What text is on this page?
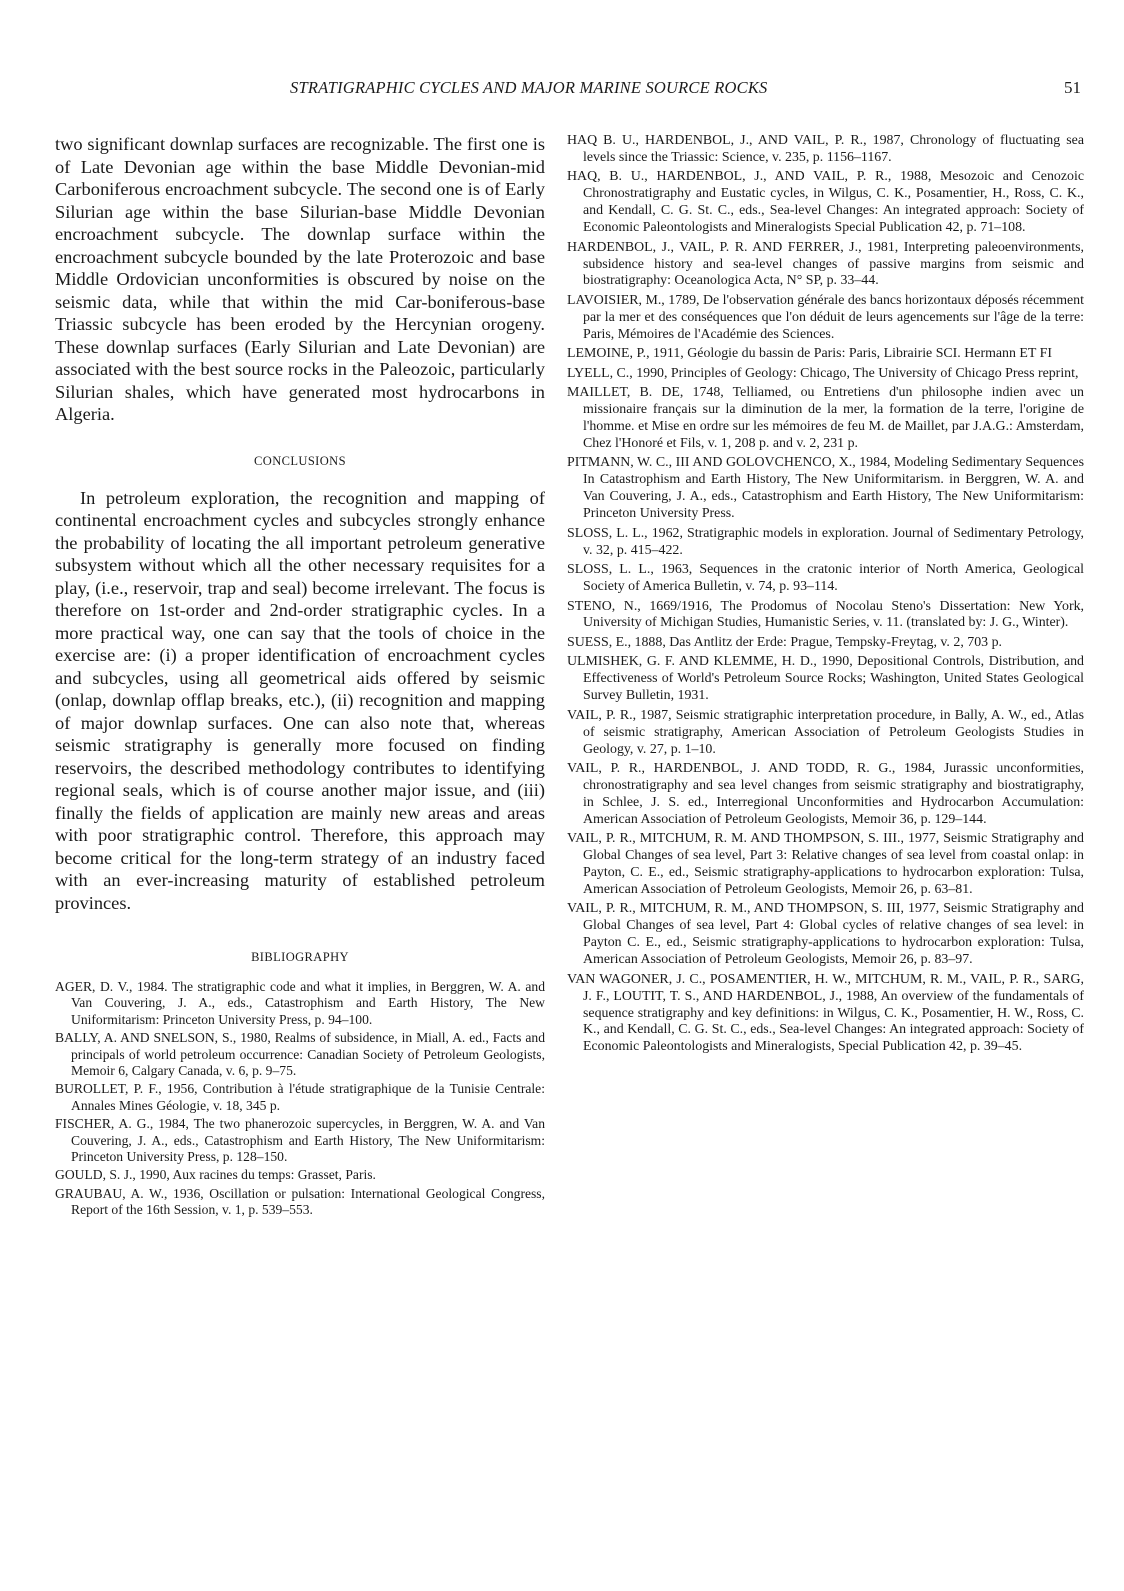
STRATIGRAPHIC CYCLES AND MAJOR MARINE SOURCE ROCKS	51

two significant downlap surfaces are recognizable. The first one is of Late Devonian age within the base Middle Devonian-mid Carboniferous encroachment subcycle. The second one is of Early Silurian age within the base Silurian-base Middle Devonian encroachment subcycle. The downlap surface within the encroachment subcycle bounded by the late Proterozoic and base Middle Ordovician unconformities is obscured by noise on the seismic data, while that within the mid Car-boniferous-base Triassic subcycle has been eroded by the Hercynian orogeny. These downlap surfaces (Early Silurian and Late Devonian) are associated with the best source rocks in the Paleozoic, particularly Silurian shales, which have generated most hydrocarbons in Algeria.

CONCLUSIONS

In petroleum exploration, the recognition and mapping of continental encroachment cycles and subcycles strongly enhance the probability of locating the all important petroleum generative subsystem without which all the other necessary requisites for a play, (i.e., reservoir, trap and seal) become irrelevant. The focus is therefore on 1st-order and 2nd-order stratigraphic cycles. In a more practical way, one can say that the tools of choice in the exercise are: (i) a proper identification of encroachment cycles and subcycles, using all geometrical aids offered by seismic (onlap, downlap offlap breaks, etc.), (ii) recognition and mapping of major downlap surfaces. One can also note that, whereas seismic stratigraphy is generally more focused on finding reservoirs, the described methodology contributes to identifying regional seals, which is of course another major issue, and (iii) finally the fields of application are mainly new areas and areas with poor stratigraphic control. Therefore, this approach may become critical for the long-term strategy of an industry faced with an ever-increasing maturity of established petroleum provinces.

BIBLIOGRAPHY

AGER, D. V., 1984. The stratigraphic code and what it implies, in Berggren, W. A. and Van Couvering, J. A., eds., Catastrophism and Earth History, The New Uniformitarism: Princeton University Press, p. 94–100.

BALLY, A. AND SNELSON, S., 1980, Realms of subsidence, in Miall, A. ed., Facts and principals of world petroleum occurrence: Canadian Society of Petroleum Geologists, Memoir 6, Calgary Canada, v. 6, p. 9–75.

BUROLLET, P. F., 1956, Contribution à l'étude stratigraphique de la Tunisie Centrale: Annales Mines Géologie, v. 18, 345 p.

FISCHER, A. G., 1984, The two phanerozoic supercycles, in Berggren, W. A. and Van Couvering, J. A., eds., Catastrophism and Earth History, The New Uniformitarism: Princeton University Press, p. 128–150.

GOULD, S. J., 1990, Aux racines du temps: Grasset, Paris.

GRAUBAU, A. W., 1936, Oscillation or pulsation: International Geological Congress, Report of the 16th Session, v. 1, p. 539–553.

HAQ B. U., HARDENBOL, J., AND VAIL, P. R., 1987, Chronology of fluctuating sea levels since the Triassic: Science, v. 235, p. 1156–1167.

HAQ, B. U., HARDENBOL, J., AND VAIL, P. R., 1988, Mesozoic and Cenozoic Chronostratigraphy and Eustatic cycles, in Wilgus, C. K., Posamentier, H., Ross, C. K., and Kendall, C. G. St. C., eds., Sea-level Changes: An integrated approach: Society of Economic Paleontologists and Mineralogists Special Publication 42, p. 71–108.

HARDENBOL, J., VAIL, P. R. AND FERRER, J., 1981, Interpreting paleoenvironments, subsidence history and sea-level changes of passive margins from seismic and biostratigraphy: Oceanologica Acta, N° SP, p. 33–44.

LAVOISIER, M., 1789, De l'observation générale des bancs horizontaux déposés récemment par la mer et des conséquences que l'on déduit de leurs agencements sur l'âge de la terre: Paris, Mémoires de l'Académie des Sciences.

LEMOINE, P., 1911, Géologie du bassin de Paris: Paris, Librairie SCI. Hermann ET FI

LYELL, C., 1990, Principles of Geology: Chicago, The University of Chicago Press reprint,

MAILLET, B. DE, 1748, Telliamed, ou Entretiens d'un philosophe indien avec un missionaire français sur la diminution de la mer, la formation de la terre, l'origine de l'homme. et Mise en ordre sur les mémoires de feu M. de Maillet, par J.A.G.: Amsterdam, Chez l'Honoré et Fils, v. 1, 208 p. and v. 2, 231 p.

PITMANN, W. C., III AND GOLOVCHENCO, X., 1984, Modeling Sedimentary Sequences In Catastrophism and Earth History, The New Uniformitarism. in Berggren, W. A. and Van Couvering, J. A., eds., Catastrophism and Earth History, The New Uniformitarism: Princeton University Press.

SLOSS, L. L., 1962, Stratigraphic models in exploration. Journal of Sedimentary Petrology, v. 32, p. 415–422.

SLOSS, L. L., 1963, Sequences in the cratonic interior of North America, Geological Society of America Bulletin, v. 74, p. 93–114.

STENO, N., 1669/1916, The Prodomus of Nocolau Steno's Dissertation: New York, University of Michigan Studies, Humanistic Series, v. 11. (translated by: J. G., Winter).

SUESS, E., 1888, Das Antlitz der Erde: Prague, Tempsky-Freytag, v. 2, 703 p.

ULMISHEK, G. F. AND KLEMME, H. D., 1990, Depositional Controls, Distribution, and Effectiveness of World's Petroleum Source Rocks; Washington, United States Geological Survey Bulletin, 1931.

VAIL, P. R., 1987, Seismic stratigraphic interpretation procedure, in Bally, A. W., ed., Atlas of seismic stratigraphy, American Association of Petroleum Geologists Studies in Geology, v. 27, p. 1–10.

VAIL, P. R., HARDENBOL, J. AND TODD, R. G., 1984, Jurassic unconformities, chronostratigraphy and sea level changes from seismic stratigraphy and biostratigraphy, in Schlee, J. S. ed., Interregional Unconformities and Hydrocarbon Accumulation: American Association of Petroleum Geologists, Memoir 36, p. 129–144.

VAIL, P. R., MITCHUM, R. M. AND THOMPSON, S. III., 1977, Seismic Stratigraphy and Global Changes of sea level, Part 3: Relative changes of sea level from coastal onlap: in Payton, C. E., ed., Seismic stratigraphy-applications to hydrocarbon exploration: Tulsa, American Association of Petroleum Geologists, Memoir 26, p. 63–81.

VAIL, P. R., MITCHUM, R. M., AND THOMPSON, S. III, 1977, Seismic Stratigraphy and Global Changes of sea level, Part 4: Global cycles of relative changes of sea level: in Payton C. E., ed., Seismic stratigraphy-applications to hydrocarbon exploration: Tulsa, American Association of Petroleum Geologists, Memoir 26, p. 83–97.

VAN WAGONER, J. C., POSAMENTIER, H. W., MITCHUM, R. M., VAIL, P. R., SARG, J. F., LOUTIT, T. S., AND HARDENBOL, J., 1988, An overview of the fundamentals of sequence stratigraphy and key definitions: in Wilgus, C. K., Posamentier, H. W., Ross, C. K., and Kendall, C. G. St. C., eds., Sea-level Changes: An integrated approach: Society of Economic Paleontologists and Mineralogists, Special Publication 42, p. 39–45.
